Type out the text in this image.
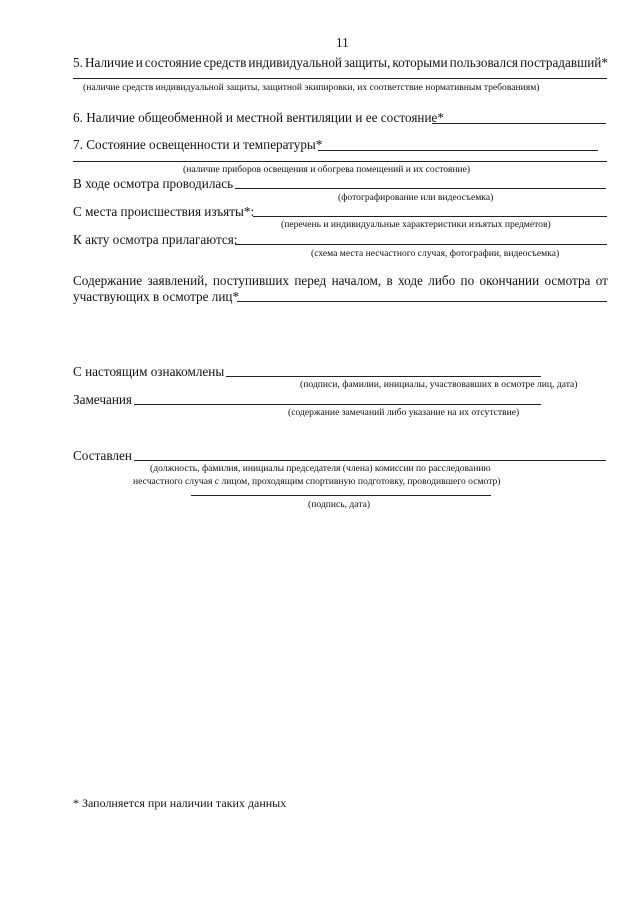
11
5. Наличие и состояние средств индивидуальной защиты, которыми пользовался пострадавший*
(наличие средств индивидуальной защиты, защитной экипировки, их соответствие нормативным требованиям)
6. Наличие общеобменной и местной вентиляции и ее состояние*
7. Состояние освещенности и температуры*
(наличие приборов освещения и обогрева помещений и их состояние)
В ходе осмотра проводилась
(фотографирование или видеосъемка)
С места происшествия изъяты*:
(перечень и индивидуальные характеристики изъятых предметов)
К акту осмотра прилагаются:
(схема места несчастного случая, фотографии, видеосъемка)
Содержание заявлений, поступивших перед началом, в ходе либо по окончании осмотра от
участвующих в осмотре лиц*
С настоящим ознакомлены
(подписи, фамилии, инициалы, участвовавших в осмотре лиц, дата)
Замечания
(содержание замечаний либо указание на их отсутствие)
Составлен
(должность, фамилия, инициалы председателя (члена) комиссии по расследованию
несчастного случая с лицом, проходящим спортивную подготовку, проводившего осмотр)
(подпись, дата)
* Заполняется при наличии таких данных
